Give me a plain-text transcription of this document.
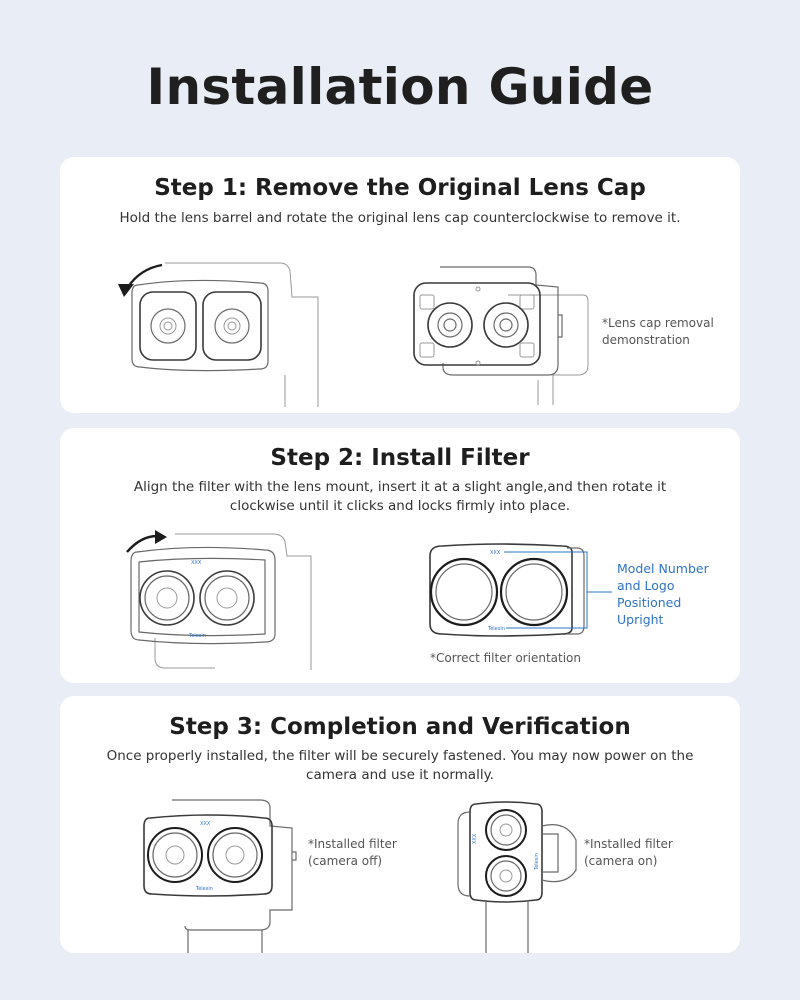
Installation Guide
Step 1: Remove the Original Lens Cap

Hold the lens barrel and rotate the original lens cap counterclockwise to remove it.

*Lens cap removal demonstration

Step 2: Install Filter

Align the filter with the lens mount, insert it at a slight angle,and then rotate it clockwise until it clicks and locks firmly into place.

XXX
Telesin
XXX
Telesin

Model Number and Logo Positioned Upright

*Correct filter orientation

Step 3: Completion and Verification

Once properly installed, the filter will be securely fastened. You may now power on the camera and use it normally.

XXX
Telesin

*Installed filter (camera off)

XXX
Telesin

*Installed filter (camera on)
